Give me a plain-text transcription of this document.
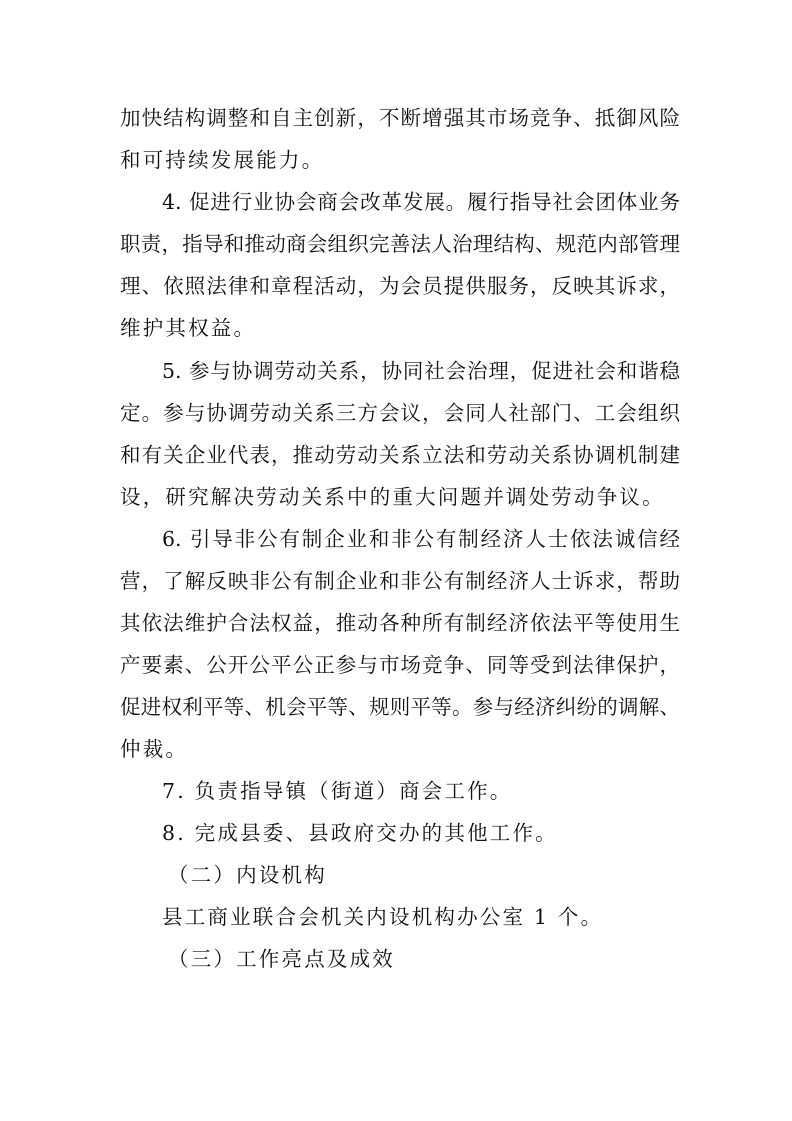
加快结构调整和自主创新，不断增强其市场竞争、抵御风险
和可持续发展能力。
4. 促进行业协会商会改革发展。履行指导社会团体业务
职责，指导和推动商会组织完善法人治理结构、规范内部管理
理、依照法律和章程活动，为会员提供服务，反映其诉求，
维护其权益。
5. 参与协调劳动关系，协同社会治理，促进社会和谐稳
定。参与协调劳动关系三方会议，会同人社部门、工会组织
和有关企业代表，推动劳动关系立法和劳动关系协调机制建
设，研究解决劳动关系中的重大问题并调处劳动争议。
6. 引导非公有制企业和非公有制经济人士依法诚信经
营，了解反映非公有制企业和非公有制经济人士诉求，帮助
其依法维护合法权益，推动各种所有制经济依法平等使用生
产要素、公开公平公正参与市场竞争、同等受到法律保护，
促进权利平等、机会平等、规则平等。参与经济纠纷的调解、
仲裁。
7. 负责指导镇（街道）商会工作。
8. 完成县委、县政府交办的其他工作。
（二）内设机构
县工商业联合会机关内设机构办公室 1 个。
（三）工作亮点及成效
